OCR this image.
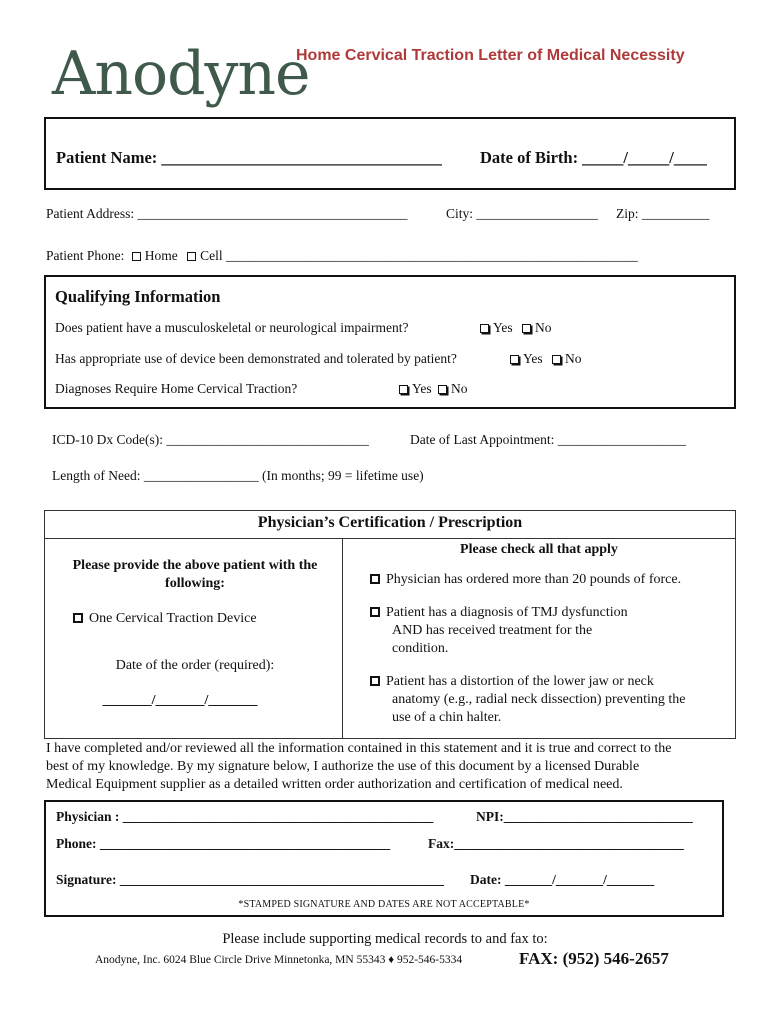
Anodyne
Home Cervical Traction Letter of Medical Necessity
Patient Name: __________________________________ Date of Birth: _____/_____/____
Patient Address: ________________________________________	City: __________________ Zip: __________
Patient Phone: Home Cell _____________________________________________________________
Qualifying Information
Does patient have a musculoskeletal or neurological impairment?	Yes No
Has appropriate use of device been demonstrated and tolerated by patient?	Yes No
Diagnoses Require Home Cervical Traction?	Yes No
ICD-10 Dx Code(s): ______________________________	Date of Last Appointment: ___________________
Length of Need: _________________ (In months; 99 = lifetime use)
Physician’s Certification / Prescription
Please provide the above patient with the
following:
One Cervical Traction Device
Date of the order (required):
_______/_______/_______
Please check all that apply
Physician has ordered more than 20 pounds of force.
Patient has a diagnosis of TMJ dysfunction
AND has received treatment for the
condition.
Patient has a distortion of the lower jaw or neck
anatomy (e.g., radial neck dissection) preventing the
use of a chin halter.
I have completed and/or reviewed all the information contained in this statement and it is true and correct to the
best of my knowledge. By my signature below, I authorize the use of this document by a licensed Durable
Medical Equipment supplier as a detailed written order authorization and certification of medical need.
Physician : ______________________________________________	NPI:____________________________
Phone: ___________________________________________	Fax:__________________________________
Signature: ________________________________________________ Date: _______/_______/_______
*STAMPED SIGNATURE AND DATES ARE NOT ACCEPTABLE*
Please include supporting medical records to and fax to:
Anodyne, Inc. 6024 Blue Circle Drive Minnetonka, MN 55343 ♦ 952-546-5334	FAX: (952) 546-2657
